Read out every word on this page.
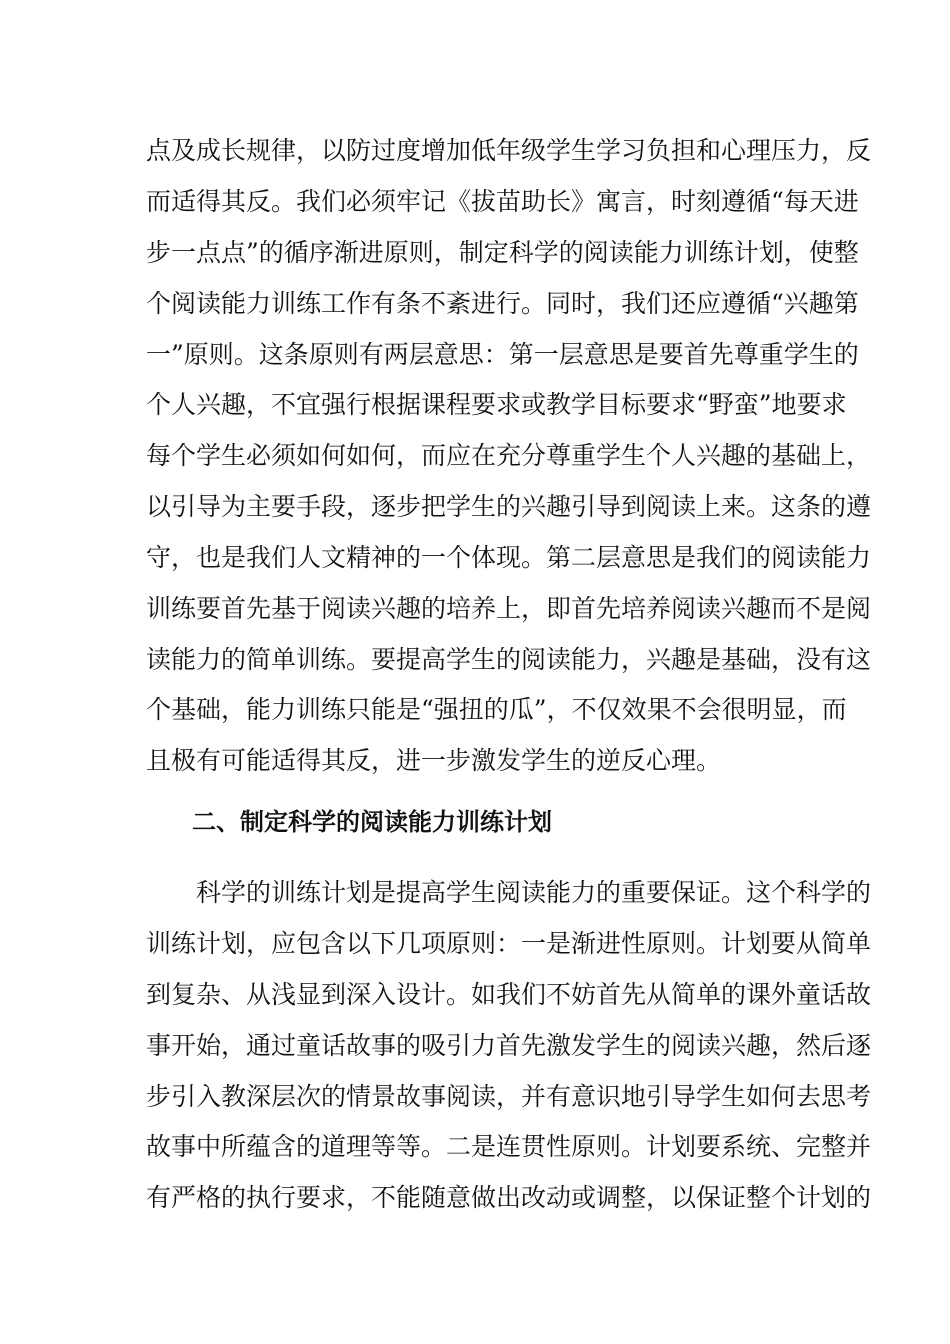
点及成长规律，以防过度增加低年级学生学习负担和心理压力，反
而适得其反。我们必须牢记《拔苗助长》寓言，时刻遵循“每天进
步一点点”的循序渐进原则，制定科学的阅读能力训练计划，使整
个阅读能力训练工作有条不紊进行。同时，我们还应遵循“兴趣第
一”原则。这条原则有两层意思：第一层意思是要首先尊重学生的
个人兴趣，不宜强行根据课程要求或教学目标要求“野蛮”地要求
每个学生必须如何如何，而应在充分尊重学生个人兴趣的基础上，
以引导为主要手段，逐步把学生的兴趣引导到阅读上来。这条的遵
守，也是我们人文精神的一个体现。第二层意思是我们的阅读能力
训练要首先基于阅读兴趣的培养上，即首先培养阅读兴趣而不是阅
读能力的简单训练。要提高学生的阅读能力，兴趣是基础，没有这
个基础，能力训练只能是“强扭的瓜”，不仅效果不会很明显，而
且极有可能适得其反，进一步激发学生的逆反心理。
二、制定科学的阅读能力训练计划
科学的训练计划是提高学生阅读能力的重要保证。这个科学的
训练计划，应包含以下几项原则：一是渐进性原则。计划要从简单
到复杂、从浅显到深入设计。如我们不妨首先从简单的课外童话故
事开始，通过童话故事的吸引力首先激发学生的阅读兴趣，然后逐
步引入教深层次的情景故事阅读，并有意识地引导学生如何去思考
故事中所蕴含的道理等等。二是连贯性原则。计划要系统、完整并
有严格的执行要求，不能随意做出改动或调整，以保证整个计划的
